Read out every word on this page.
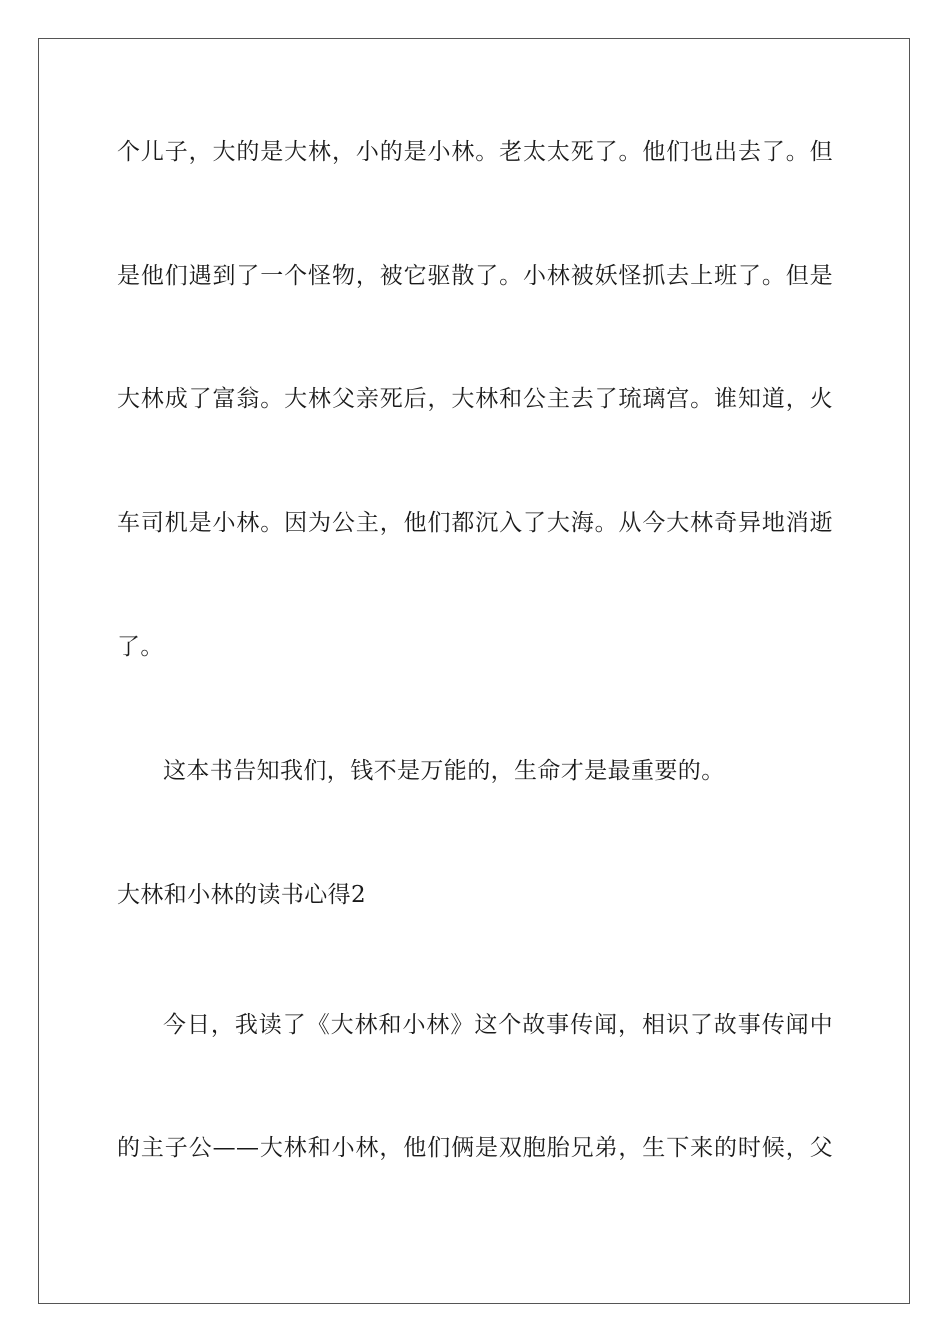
个儿子，大的是大林，小的是小林。老太太死了。他们也出去了。但
是他们遇到了一个怪物，被它驱散了。小林被妖怪抓去上班了。但是
大林成了富翁。大林父亲死后，大林和公主去了琉璃宫。谁知道，火
车司机是小林。因为公主，他们都沉入了大海。从今大林奇异地消逝
了。
这本书告知我们，钱不是万能的，生命才是最重要的。
大林和小林的读书心得2
今日，我读了《大林和小林》这个故事传闻，相识了故事传闻中
的主子公——大林和小林，他们俩是双胞胎兄弟，生下来的时候，父
